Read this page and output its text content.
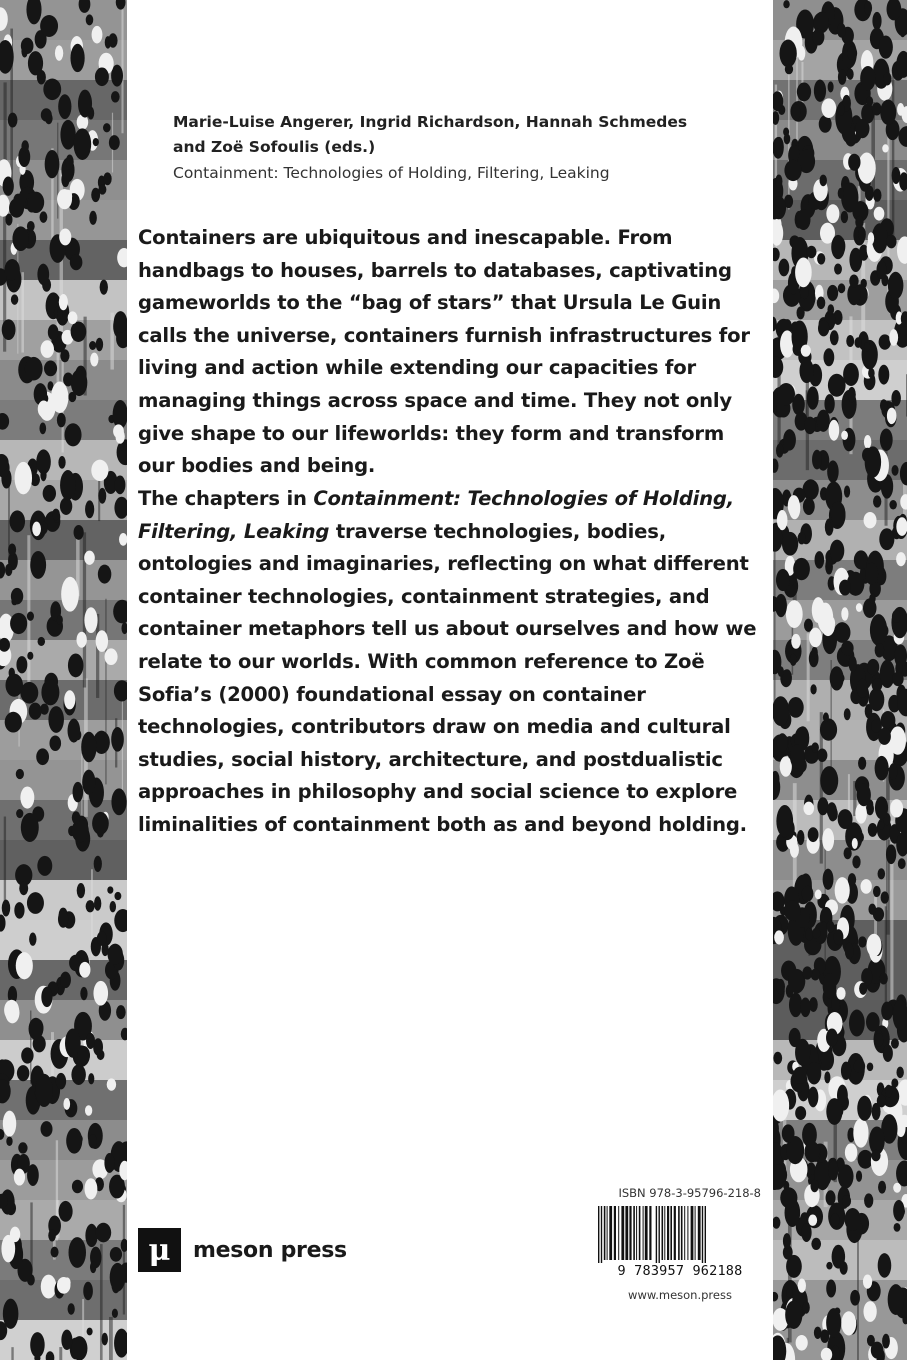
Marie-Luise Angerer, Ingrid Richardson, Hannah Schmedes
and Zoë Sofoulis (eds.)
Containment: Technologies of Holding, Filtering, Leaking
Containers are ubiquitous and inescapable. From handbags to houses, barrels to databases, captivating gameworlds to the “bag of stars” that Ursula Le Guin calls the universe, containers furnish infrastructures for living and action while extending our capacities for managing things across space and time. They not only give shape to our lifeworlds: they form and transform our bodies and being.
The chapters in Containment: Technologies of Holding, Filtering, Leaking traverse technologies, bodies, ontologies and imaginaries, reflecting on what different container technologies, containment strategies, and container metaphors tell us about ourselves and how we relate to our worlds. With common reference to Zoë Sofia’s (2000) foundational essay on container technologies, contributors draw on media and cultural studies, social history, architecture, and postdualistic approaches in philosophy and social science to explore liminalities of containment both as and beyond holding.
μ	meson press
ISBN 978-3-95796-218-8
9 783957 962188
www.meson.press
